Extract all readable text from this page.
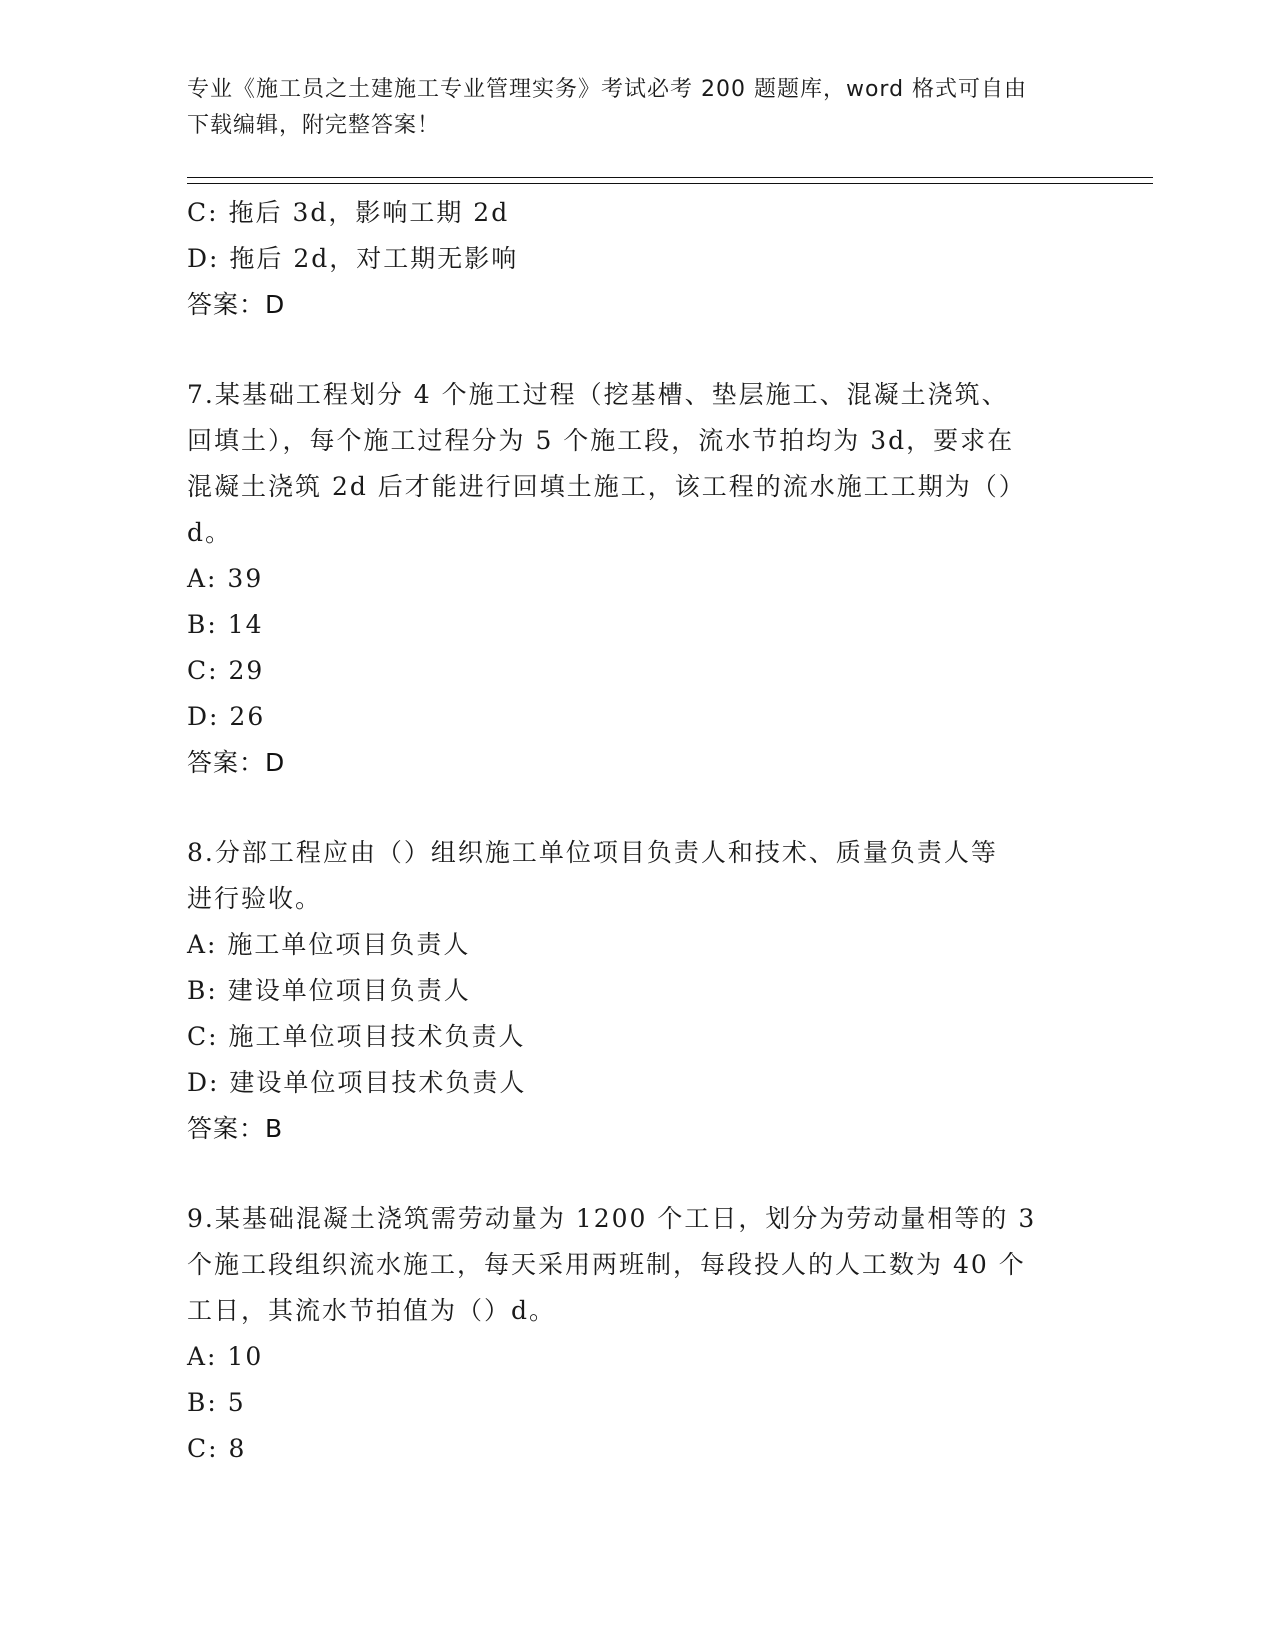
专业《施工员之土建施工专业管理实务》考试必考 200 题题库，word 格式可自由
下载编辑，附完整答案！
C: 拖后 3d，影响工期 2d
D: 拖后 2d，对工期无影响
答案：D
7.某基础工程划分 4 个施工过程（挖基槽、垫层施工、混凝土浇筑、
回填土），每个施工过程分为 5 个施工段，流水节拍均为 3d，要求在
混凝土浇筑 2d 后才能进行回填土施工，该工程的流水施工工期为（）
d。
A: 39
B: 14
C: 29
D: 26
答案：D
8.分部工程应由（）组织施工单位项目负责人和技术、质量负责人等
进行验收。
A: 施工单位项目负责人
B: 建设单位项目负责人
C: 施工单位项目技术负责人
D: 建设单位项目技术负责人
答案：B
9.某基础混凝土浇筑需劳动量为 1200 个工日，划分为劳动量相等的 3
个施工段组织流水施工，每天采用两班制，每段投人的人工数为 40 个
工日，其流水节拍值为（）d。
A: 10
B: 5
C: 8
